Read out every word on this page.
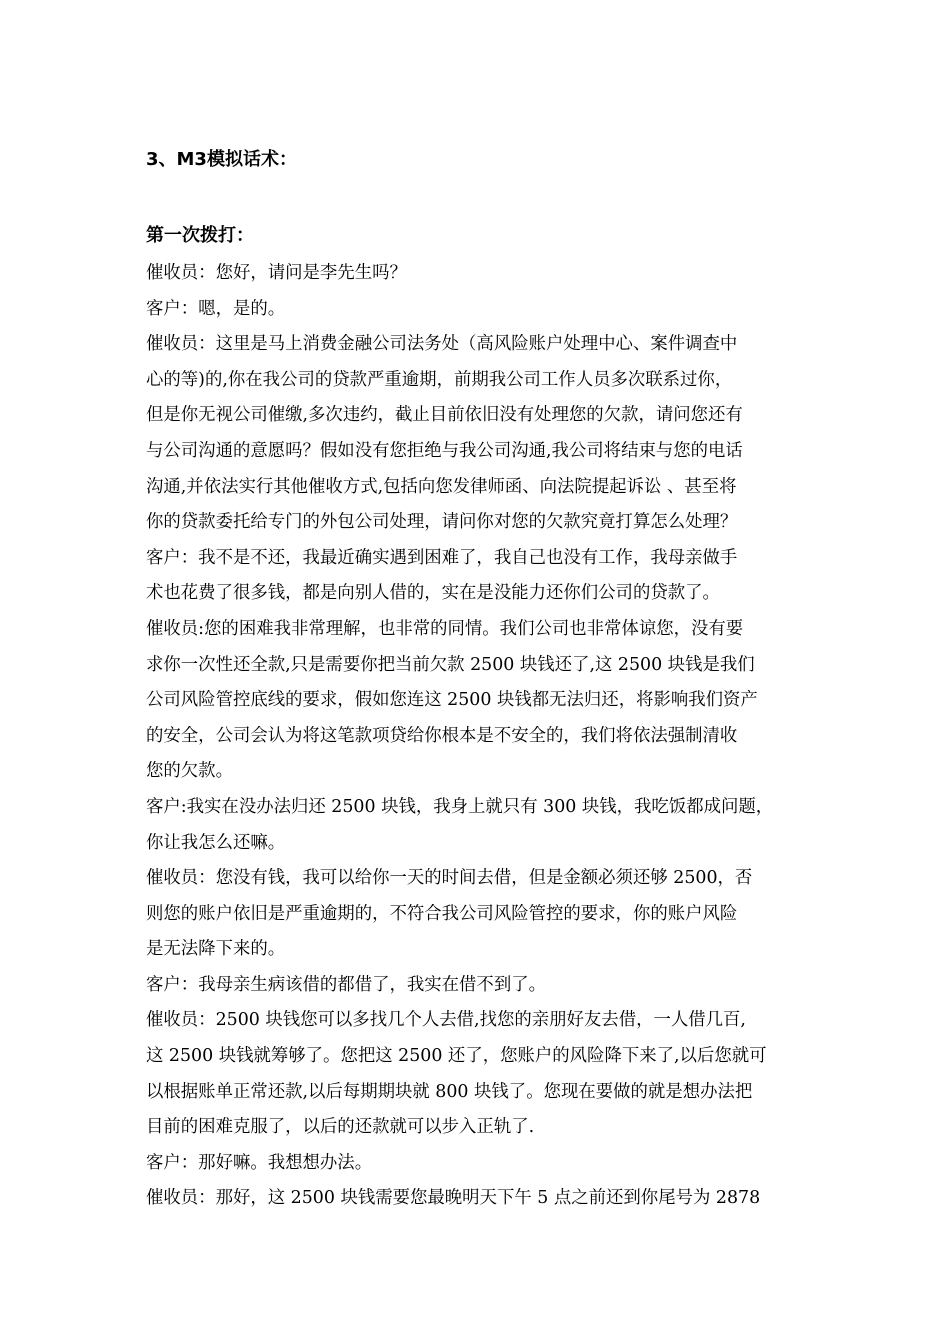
3、M3模拟话术：
第一次拨打：
催收员：您好，请问是李先生吗？
客户：嗯，是的。
催收员：这里是马上消费金融公司法务处（高风险账户处理中心、案件调查中
心的等)的,你在我公司的贷款严重逾期，前期我公司工作人员多次联系过你，
但是你无视公司催缴,多次违约，截止目前依旧没有处理您的欠款，请问您还有
与公司沟通的意愿吗？假如没有您拒绝与我公司沟通,我公司将结束与您的电话
沟通,并依法实行其他催收方式,包括向您发律师函、向法院提起诉讼 、甚至将
你的贷款委托给专门的外包公司处理，请问你对您的欠款究竟打算怎么处理？
客户：我不是不还，我最近确实遇到困难了，我自己也没有工作，我母亲做手
术也花费了很多钱，都是向别人借的，实在是没能力还你们公司的贷款了。
催收员:您的困难我非常理解，也非常的同情。我们公司也非常体谅您，没有要
求你一次性还全款,只是需要你把当前欠款 2500 块钱还了,这 2500 块钱是我们
公司风险管控底线的要求，假如您连这 2500 块钱都无法归还，将影响我们资产
的安全，公司会认为将这笔款项贷给你根本是不安全的，我们将依法强制清收
您的欠款。
客户:我实在没办法归还 2500 块钱，我身上就只有 300 块钱，我吃饭都成问题，
你让我怎么还嘛。
催收员：您没有钱，我可以给你一天的时间去借，但是金额必须还够 2500，否
则您的账户依旧是严重逾期的，不符合我公司风险管控的要求，你的账户风险
是无法降下来的。
客户：我母亲生病该借的都借了，我实在借不到了。
催收员：2500 块钱您可以多找几个人去借,找您的亲朋好友去借，一人借几百,
这 2500 块钱就筹够了。您把这 2500 还了，您账户的风险降下来了,以后您就可
以根据账单正常还款,以后每期期块就 800 块钱了。您现在要做的就是想办法把
目前的困难克服了，以后的还款就可以步入正轨了.
客户：那好嘛。我想想办法。
催收员：那好，这 2500 块钱需要您最晚明天下午 5 点之前还到你尾号为 2878
